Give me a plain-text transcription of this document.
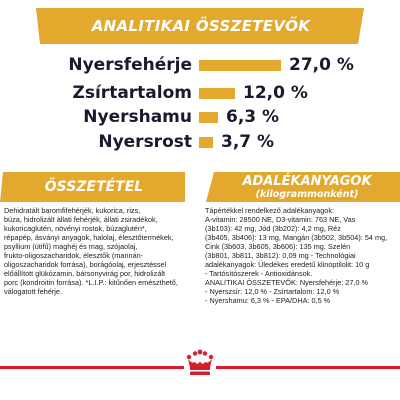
ANALITIKAI ÖSSZETEVŐK
Nyersfehérje	27,0 %
Zsírtartalom	12,0 %
Nyershamu 6,3 %
Nyersrost 3,7 %
ÖSSZETÉTEL	ADALÉKANYAGOK
(kilogrammonként)

Dehidratált baromfifehérjék, kukorica, rizs,
búza, hidrolizált állati fehérjék, állati zsiradékok,
kukoricaglutén, növényi rostok, búzaglutén*,
répapép, ásványi anyagok, halolaj, élesztőtermékek,
psyllium (útifű) maghéj és mag, szójaolaj,
frukto-oligoszacharidok, élesztők (mannán-
oligoszacharidok forrása), borágóolaj, erjesztéssel
előállított glükózamin, bársonyvirág por, hidrolizált
porc (kondroitin forrása). *L.I.P.: kitűnően emészthető,
válogatott fehérje.

Tápértékkel rendelkező adalékanyagok:
A-vitamin: 28500 NE, D3-vitamin: 763 NE, Vas
(3b103): 42 mg, Jód (3b202): 4,2 mg, Réz
(3b405, 3b406): 13 mg, Mangán (3b502, 3b504): 54 mg,
Cink (3b603, 3b605, 3b606): 135 mg, Szelén
(3b801, 3b811, 3b812): 0,09 mg - Technológiai
adalékanyagok: Üledékes eredetű klinoptilolit: 10 g
- Tartósítószerek - Antioxidánsok.
ANALITIKAI ÖSSZETEVŐK: Nyersfehérje: 27,0 %
- Nyerszsír: 12,0 % - Zsírtartalom: 12,0 %
- Nyershamu: 6,3 % - EPA/DHA: 0,5 %
